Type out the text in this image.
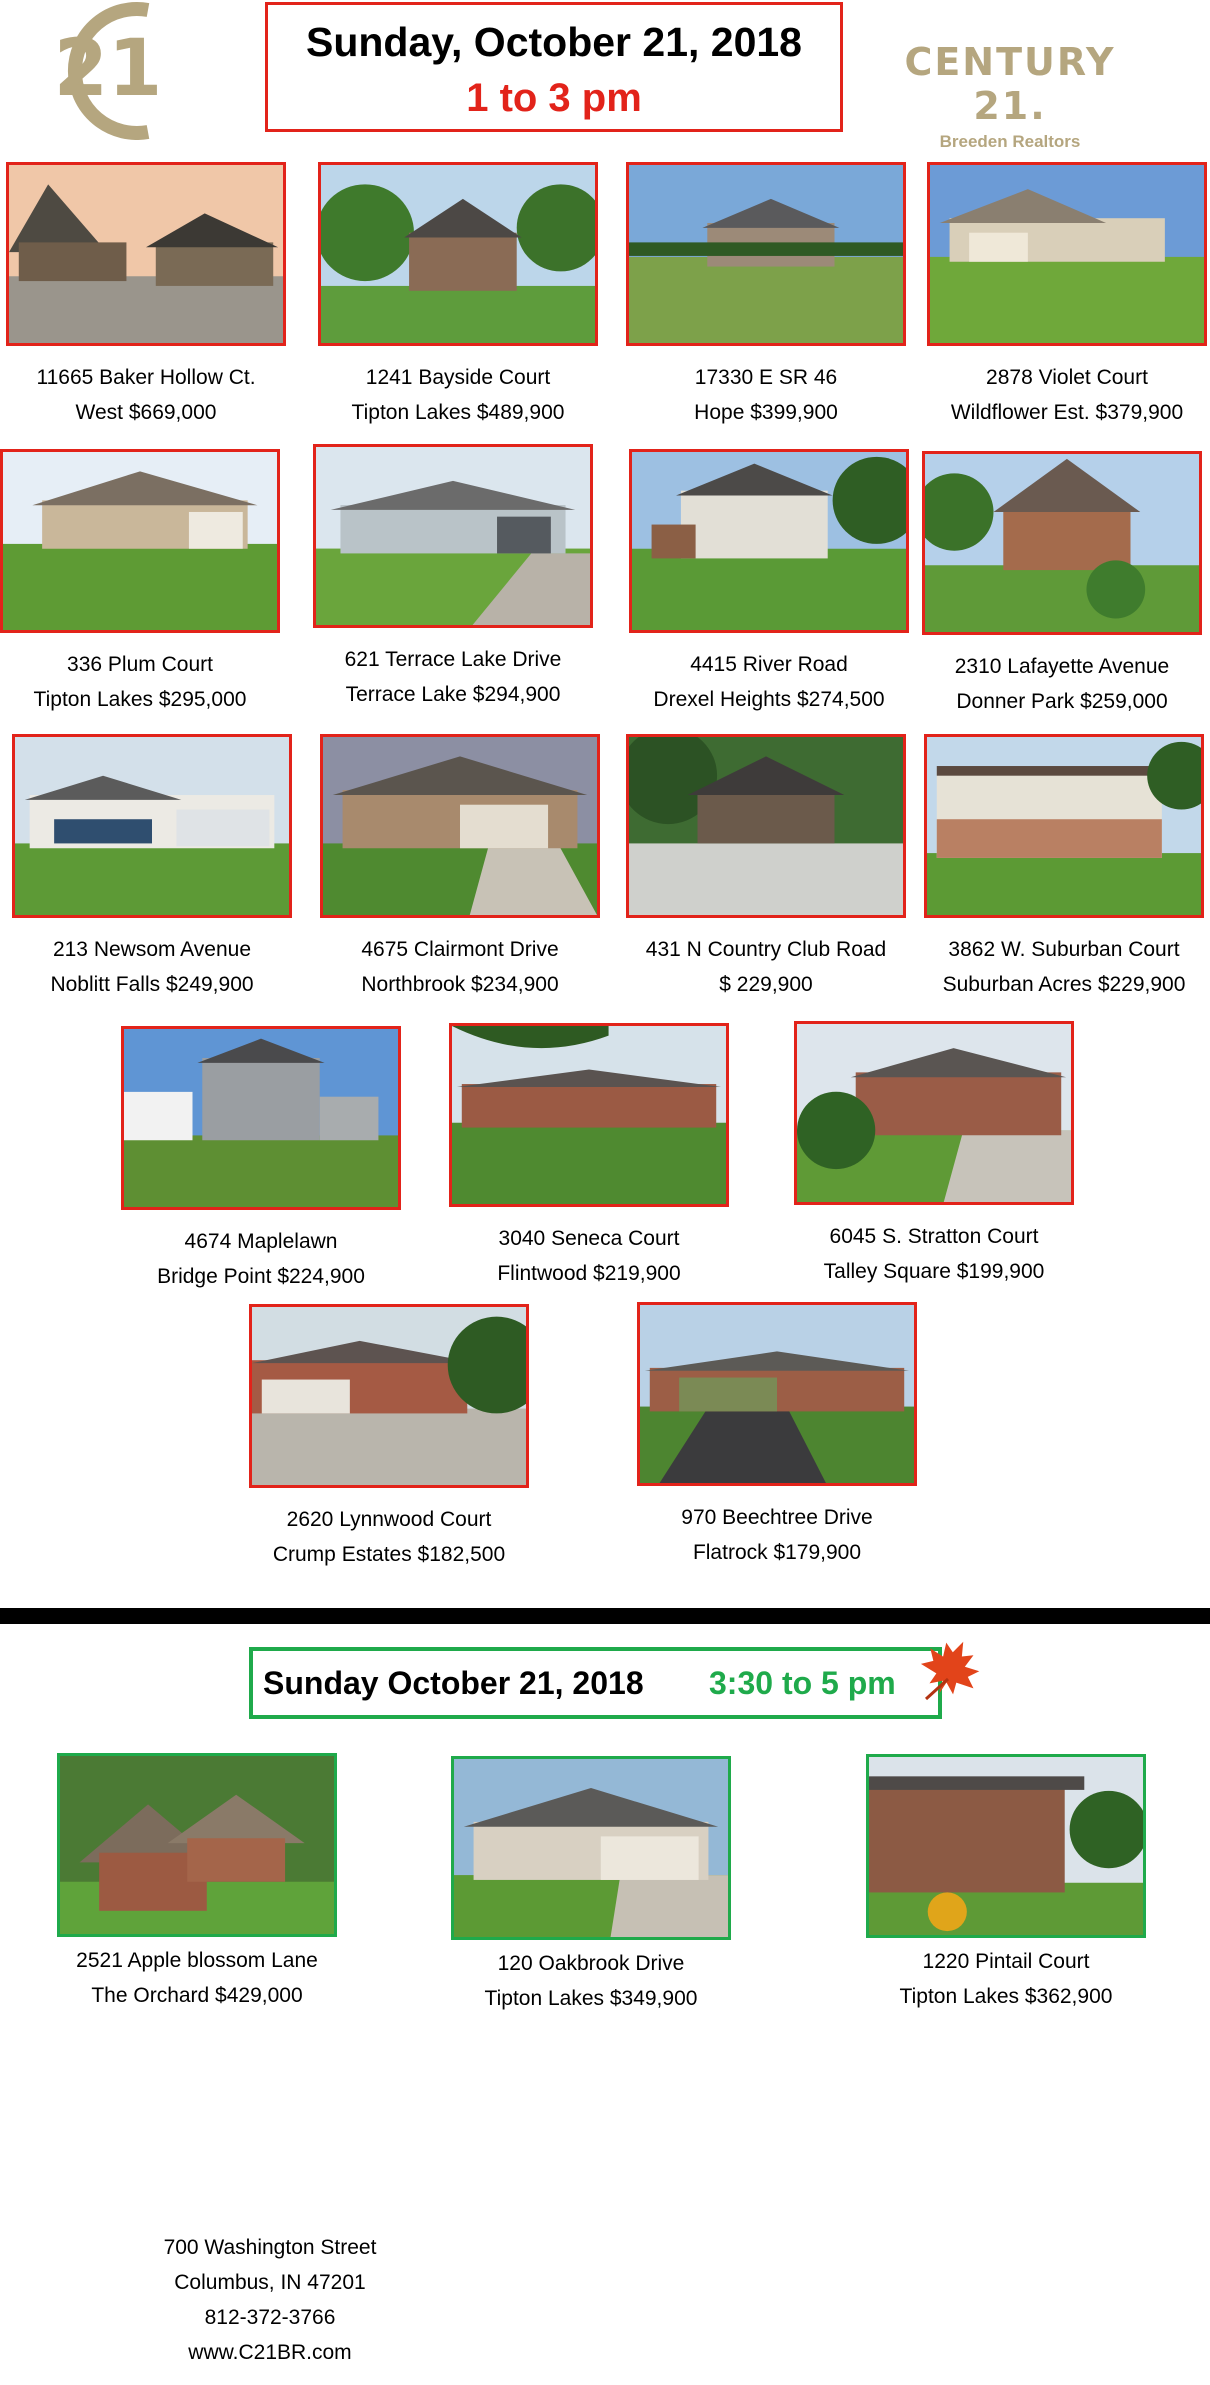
21	Sunday, October 21, 2018
1 to 3 pm
CENTURY 21.
Breeden Realtors
11665 Baker Hollow Ct.
West $669,000
1241 Bayside Court
Tipton Lakes $489,900
17330 E SR 46
Hope $399,900
2878 Violet Court
Wildflower Est. $379,900
336 Plum Court
Tipton Lakes $295,000
621 Terrace Lake Drive
Terrace Lake $294,900
4415 River Road
Drexel Heights $274,500
2310 Lafayette Avenue
Donner Park $259,000
213 Newsom Avenue
Noblitt Falls $249,900
4675 Clairmont Drive
Northbrook $234,900
431 N Country Club Road
$ 229,900
3862 W. Suburban Court
Suburban Acres $229,900
4674 Maplelawn
Bridge Point $224,900
3040 Seneca Court
Flintwood $219,900
6045 S. Stratton Court
Talley Square $199,900
2620 Lynnwood Court
Crump Estates $182,500
970 Beechtree Drive
Flatrock $179,900
Sunday October 21, 2018 3:30 to 5 pm
2521 Apple blossom Lane
The Orchard $429,000
120 Oakbrook Drive
Tipton Lakes $349,900
1220 Pintail Court
Tipton Lakes $362,900
700 Washington Street
Columbus, IN 47201
812-372-3766
www.C21BR.com
